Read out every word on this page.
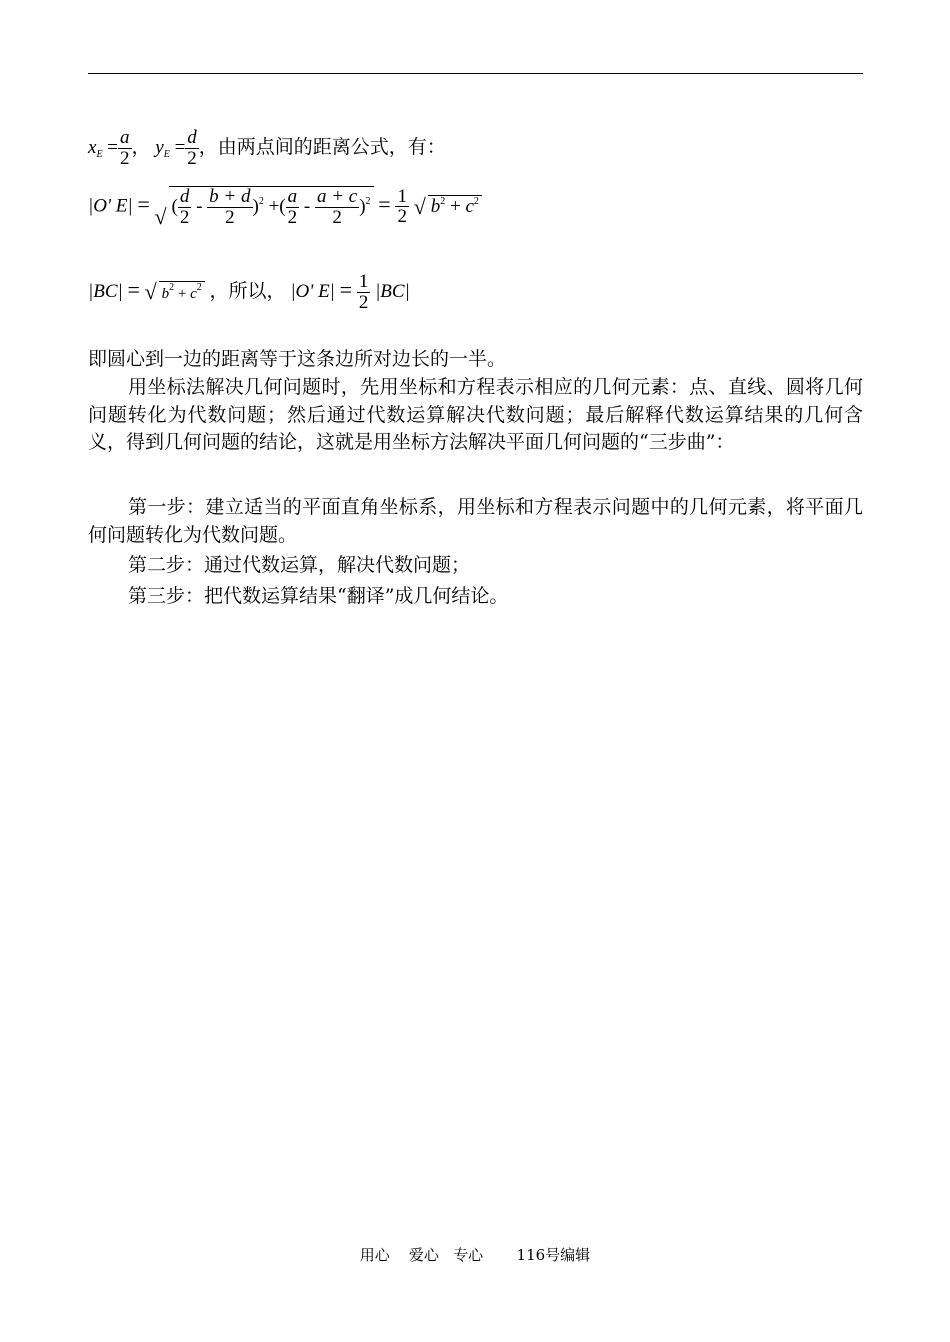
$x_E = \frac{a}{2}$ ， $y_E = \frac{d}{2}$ ，由两点间的距离公式，有：
|O' E| =
√ ( $\frac{d}{2} - \frac{b + d}{2} )^2$ +( $\frac{a}{2} - \frac{a + c}{2} )^2 = \frac{1}{2}$
√ $b^2 + c^2$
|BC| = √ $b^2 + c^2$ ，所以， |O' $E| = \frac{1}{2} |BC|$
即圆心到一边的距离等于这条边所对边长的一半。
用坐标法解决几何问题时，先用坐标和方程表示相应的几何元素：点、直线、圆将几何问题转化为代数问题；然后通过代数运算解决代数问题；最后解释代数运算结果的几何含义，得到几何问题的结论，这就是用坐标方法解决平面几何问题的“三步曲”：
第一步：建立适当的平面直角坐标系，用坐标和方程表示问题中的几何元素，将平面几何问题转化为代数问题。
第二步：通过代数运算，解决代数问题；
第三步：把代数运算结果“翻译”成几何结论。
用心    爱心   专心       116号编辑
